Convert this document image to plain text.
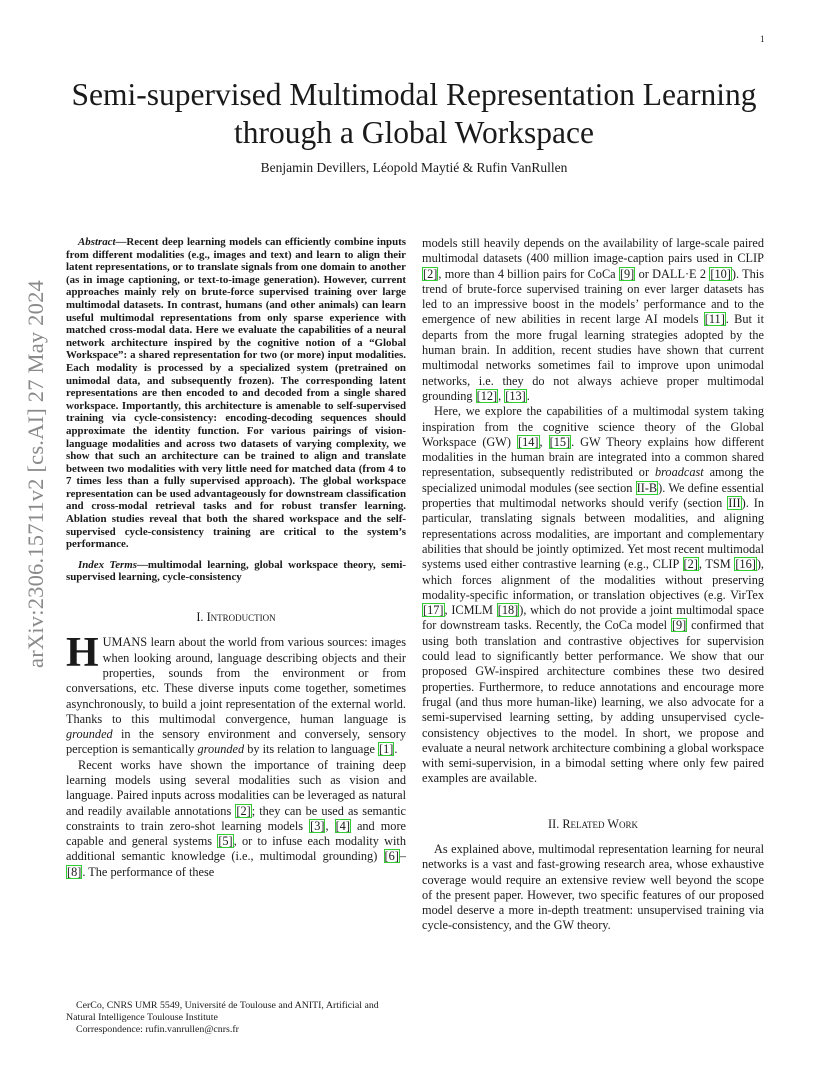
1
arXiv:2306.15711v2 [cs.AI] 27 May 2024
Semi-supervised Multimodal Representation Learning through a Global Workspace
Benjamin Devillers, Léopold Maytié & Rufin VanRullen

Abstract—Recent deep learning models can efficiently combine inputs from different modalities (e.g., images and text) and learn to align their latent representations, or to translate signals from one domain to another (as in image captioning, or text-to-image generation). However, current approaches mainly rely on brute-force supervised training over large multimodal datasets. In contrast, humans (and other animals) can learn useful multimodal representations from only sparse experience with matched cross-modal data. Here we evaluate the capabilities of a neural network architecture inspired by the cognitive notion of a “Global Workspace”: a shared representation for two (or more) input modalities. Each modality is processed by a specialized system (pretrained on unimodal data, and subsequently frozen). The corresponding latent representations are then encoded to and decoded from a single shared workspace. Importantly, this architecture is amenable to self-supervised training via cycle-consistency: encoding-decoding sequences should approximate the identity function. For various pairings of vision-language modalities and across two datasets of varying complexity, we show that such an architecture can be trained to align and translate between two modalities with very little need for matched data (from 4 to 7 times less than a fully supervised approach). The global workspace representation can be used advantageously for downstream classification and cross-modal retrieval tasks and for robust transfer learning. Ablation studies reveal that both the shared workspace and the self-supervised cycle-consistency training are critical to the system’s performance.

Index Terms—multimodal learning, global workspace theory, semi-supervised learning, cycle-consistency

I. Introduction

HUMANS learn about the world from various sources: images when looking around, language describing objects and their properties, sounds from the environment or from conversations, etc. These diverse inputs come together, sometimes asynchronously, to build a joint representation of the external world. Thanks to this multimodal convergence, human language is grounded in the sensory environment and conversely, sensory perception is semantically grounded by its relation to language [1].

Recent works have shown the importance of training deep learning models using several modalities such as vision and language. Paired inputs across modalities can be leveraged as natural and readily available annotations [2]; they can be used as semantic constraints to train zero-shot learning models [3], [4] and more capable and general systems [5], or to infuse each modality with additional semantic knowledge (i.e., multimodal grounding) [6]–[8]. The performance of these

CerCo, CNRS UMR 5549, Université de Toulouse and ANITI, Artificial and Natural Intelligence Toulouse Institute

Correspondence: rufin.vanrullen@cnrs.fr

models still heavily depends on the availability of large-scale paired multimodal datasets (400 million image-caption pairs used in CLIP [2], more than 4 billion pairs for CoCa [9] or DALL·E 2 [10]). This trend of brute-force supervised training on ever larger datasets has led to an impressive boost in the models’ performance and to the emergence of new abilities in recent large AI models [11]. But it departs from the more frugal learning strategies adopted by the human brain. In addition, recent studies have shown that current multimodal networks sometimes fail to improve upon unimodal networks, i.e. they do not always achieve proper multimodal grounding [12], [13].

Here, we explore the capabilities of a multimodal system taking inspiration from the cognitive science theory of the Global Workspace (GW) [14], [15]. GW Theory explains how different modalities in the human brain are integrated into a common shared representation, subsequently redistributed or broadcast among the specialized unimodal modules (see section II-B). We define essential properties that multimodal networks should verify (section III). In particular, translating signals between modalities, and aligning representations across modalities, are important and complementary abilities that should be jointly optimized. Yet most recent multimodal systems used either contrastive learning (e.g., CLIP [2], TSM [16]), which forces alignment of the modalities without preserving modality-specific information, or translation objectives (e.g. VirTex [17], ICMLM [18]), which do not provide a joint multimodal space for downstream tasks. Recently, the CoCa model [9] confirmed that using both translation and contrastive objectives for supervision could lead to significantly better performance. We show that our proposed GW-inspired architecture combines these two desired properties. Furthermore, to reduce annotations and encourage more frugal (and thus more human-like) learning, we also advocate for a semi-supervised learning setting, by adding unsupervised cycle-consistency objectives to the model. In short, we propose and evaluate a neural network architecture combining a global workspace with semi-supervision, in a bimodal setting where only few paired examples are available.

II. Related Work

As explained above, multimodal representation learning for neural networks is a vast and fast-growing research area, whose exhaustive coverage would require an extensive review well beyond the scope of the present paper. However, two specific features of our proposed model deserve a more in-depth treatment: unsupervised training via cycle-consistency, and the GW theory.
